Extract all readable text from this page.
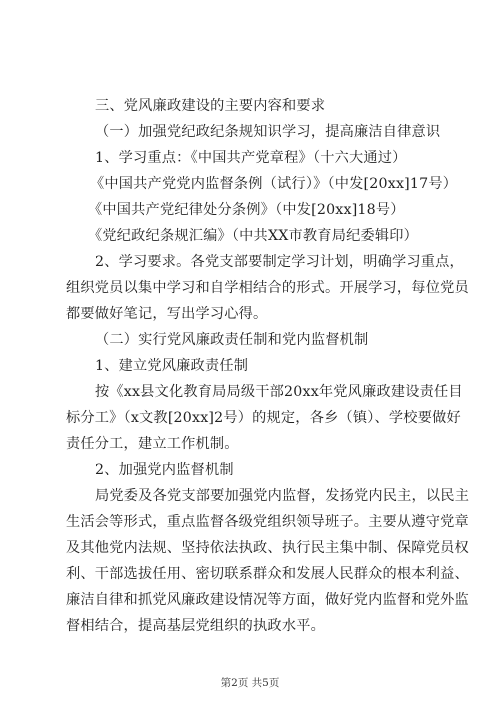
三、党风廉政建设的主要内容和要求
（一）加强党纪政纪条规知识学习，提高廉洁自律意识
1、学习重点：《中国共产党章程》（十六大通过）
《中国共产党党内监督条例（试行）》（中发[20xx]17号）
《中国共产党纪律处分条例》（中发[20xx]18号）
《党纪政纪条规汇编》（中共XX市教育局纪委辑印）
2、学习要求。各党支部要制定学习计划，明确学习重点，
组织党员以集中学习和自学相结合的形式。开展学习，每位党员
都要做好笔记，写出学习心得。
（二）实行党风廉政责任制和党内监督机制
1、建立党风廉政责任制
按《xx县文化教育局局级干部20xx年党风廉政建设责任目
标分工》（x文教[20xx]2号）的规定，各乡（镇）、学校要做好
责任分工，建立工作机制。
2、加强党内监督机制
局党委及各党支部要加强党内监督，发扬党内民主，以民主
生活会等形式，重点监督各级党组织领导班子。主要从遵守党章
及其他党内法规、坚持依法执政、执行民主集中制、保障党员权
利、干部选拔任用、密切联系群众和发展人民群众的根本利益、
廉洁自律和抓党风廉政建设情况等方面，做好党内监督和党外监
督相结合，提高基层党组织的执政水平。
第2页 共5页
